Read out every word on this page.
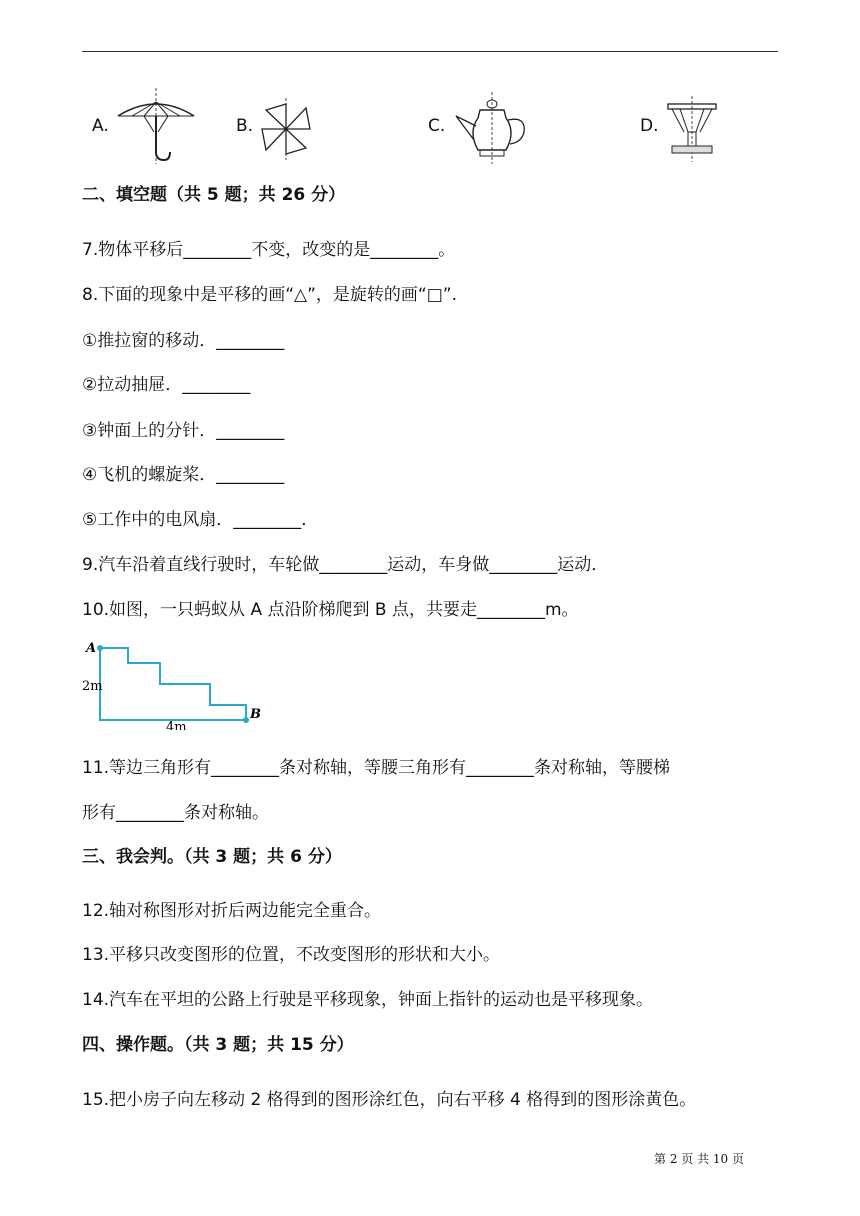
A.	B.	C.	D.
二、填空题（共 5 题；共 26 分）
7.物体平移后________不变，改变的是________。
8.下面的现象中是平移的画“△”，是旋转的画“□”.
①推拉窗的移动．________
②拉动抽屉．________
③钟面上的分针．________
④飞机的螺旋桨．________
⑤工作中的电风扇．________．
9.汽车沿着直线行驶时，车轮做________运动，车身做________运动．
10.如图，一只蚂蚁从 A 点沿阶梯爬到 B 点，共要走________m。
A
B
2m
4m
11.等边三角形有________条对称轴，等腰三角形有________条对称轴，等腰梯
形有________条对称轴。
三、我会判。（共 3 题；共 6 分）
12.轴对称图形对折后两边能完全重合。
13.平移只改变图形的位置，不改变图形的形状和大小。
14.汽车在平坦的公路上行驶是平移现象，钟面上指针的运动也是平移现象。
四、操作题。（共 3 题；共 15 分）
15.把小房子向左移动 2 格得到的图形涂红色，向右平移 4 格得到的图形涂黄色。
第 2 页 共 10 页
